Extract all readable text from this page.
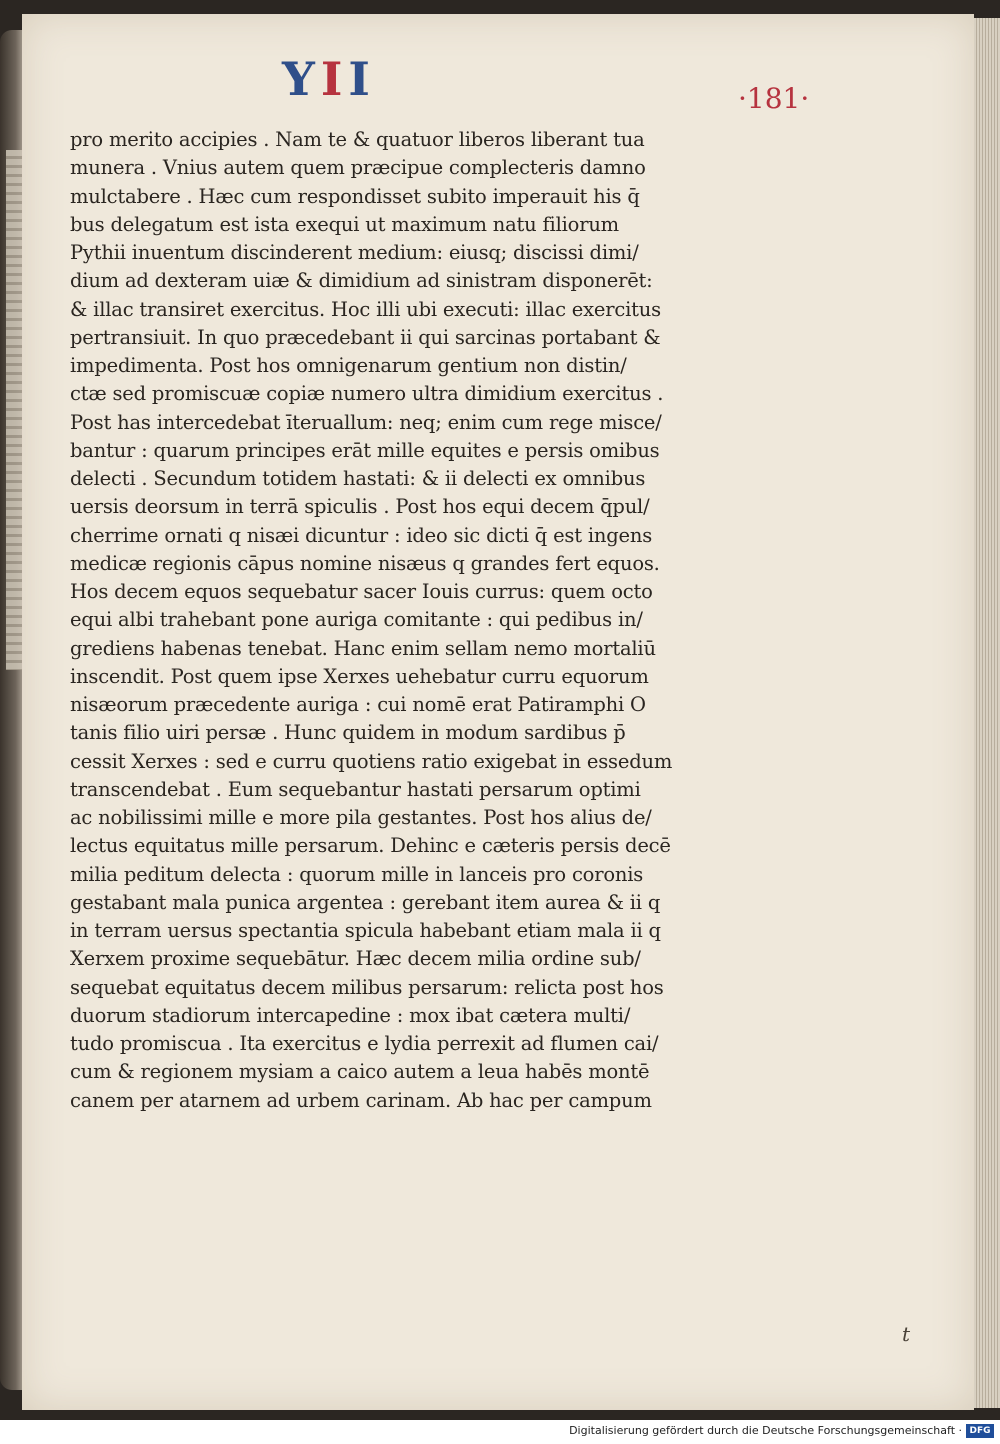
YII	·181·
pro merito accipies . Nam te & quatuor liberos liberant tua
munera . Vnius autem quem præcipue complecteris damno
mulctabere . Hæc cum respondisset subito imperauit his q̄
bus delegatum est ista exequi ut maximum natu filiorum
Pythii inuentum discinderent medium: eiusq; discissi dimi/
dium ad dexteram uiæ & dimidium ad sinistram disponerēt:
& illac transiret exercitus. Hoc illi ubi executi: illac exercitus
pertransiuit. In quo præcedebant ii qui sarcinas portabant &
impedimenta. Post hos omnigenarum gentium non distin/
ctæ sed promiscuæ copiæ numero ultra dimidium exercitus .
Post has intercedebat īteruallum: neq; enim cum rege misce/
bantur : quarum principes erāt mille equites e persis omibus
delecti . Secundum totidem hastati: & ii delecti ex omnibus
uersis deorsum in terrā spiculis . Post hos equi decem q̄pul/
cherrime ornati q nisæi dicuntur : ideo sic dicti q̄ est ingens
medicæ regionis cāpus nomine nisæus q grandes fert equos.
Hos decem equos sequebatur sacer Iouis currus: quem octo
equi albi trahebant pone auriga comitante : qui pedibus in/
grediens habenas tenebat. Hanc enim sellam nemo mortaliū
inscendit. Post quem ipse Xerxes uehebatur curru equorum
nisæorum præcedente auriga : cui nomē erat Patiramphi O
tanis filio uiri persæ . Hunc quidem in modum sardibus p̄
cessit Xerxes : sed e curru quotiens ratio exigebat in essedum
transcendebat . Eum sequebantur hastati persarum optimi
ac nobilissimi mille e more pila gestantes. Post hos alius de/
lectus equitatus mille persarum. Dehinc e cæteris persis decē
milia peditum delecta : quorum mille in lanceis pro coronis
gestabant mala punica argentea : gerebant item aurea & ii q
in terram uersus spectantia spicula habebant etiam mala ii q
Xerxem proxime sequebātur. Hæc decem milia ordine sub/
sequebat equitatus decem milibus persarum: relicta post hos
duorum stadiorum intercapedine : mox ibat cætera multi/
tudo promiscua . Ita exercitus e lydia perrexit ad flumen cai/
cum & regionem mysiam a caico autem a leua habēs montē
canem per atarnem ad urbem carinam. Ab hac per campum
t
Digitalisierung gefördert durch die Deutsche Forschungsgemeinschaft · DFG
